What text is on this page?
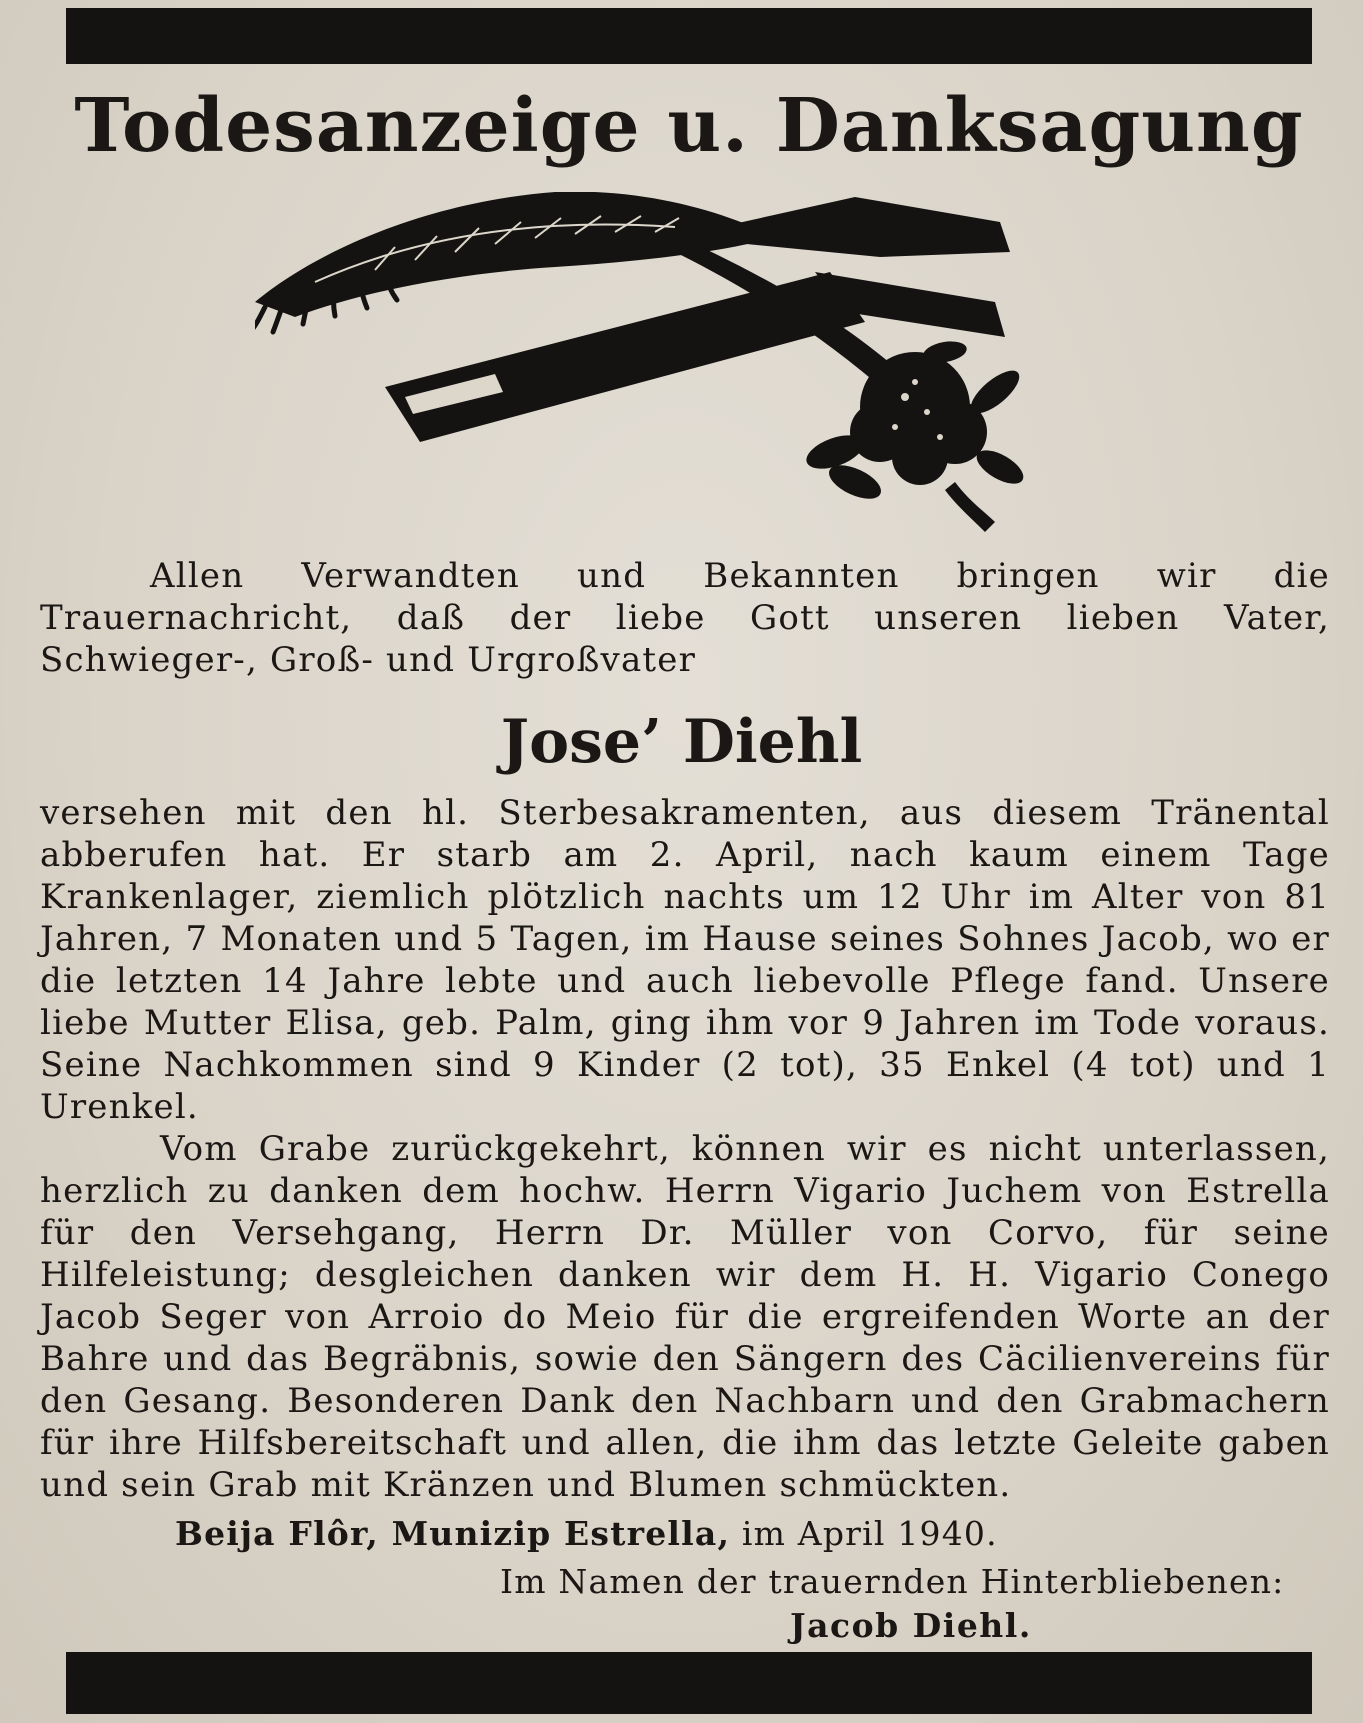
Todesanzeige u. Danksagung

Allen Verwandten und Bekannten bringen wir die Trauernachricht, daß der liebe Gott unseren lieben Vater, Schwieger-, Groß- und Urgroßvater

Jose’ Diehl

versehen mit den hl. Sterbesakramenten, aus diesem Tränental abberufen hat. Er starb am 2. April, nach kaum einem Tage Krankenlager, ziemlich plötzlich nachts um 12 Uhr im Alter von 81 Jahren, 7 Monaten und 5 Tagen, im Hause seines Sohnes Jacob, wo er die letzten 14 Jahre lebte und auch liebevolle Pflege fand. Unsere liebe Mutter Elisa, geb. Palm, ging ihm vor 9 Jahren im Tode voraus. Seine Nachkommen sind 9 Kinder (2 tot), 35 Enkel (4 tot) und 1 Urenkel.

Vom Grabe zurückgekehrt, können wir es nicht unterlassen, herzlich zu danken dem hochw. Herrn Vigario Juchem von Estrella für den Versehgang, Herrn Dr. Müller von Corvo, für seine Hilfeleistung; desgleichen danken wir dem H. H. Vigario Conego Jacob Seger von Arroio do Meio für die ergreifenden Worte an der Bahre und das Begräbnis, sowie den Sängern des Cäcilienvereins für den Gesang. Besonderen Dank den Nachbarn und den Grabmachern für ihre Hilfsbereitschaft und allen, die ihm das letzte Geleite gaben und sein Grab mit Kränzen und Blumen schmückten.

Beija Flôr, Munizip Estrella, im April 1940.
Im Namen der trauernden Hinterbliebenen:
Jacob Diehl.
